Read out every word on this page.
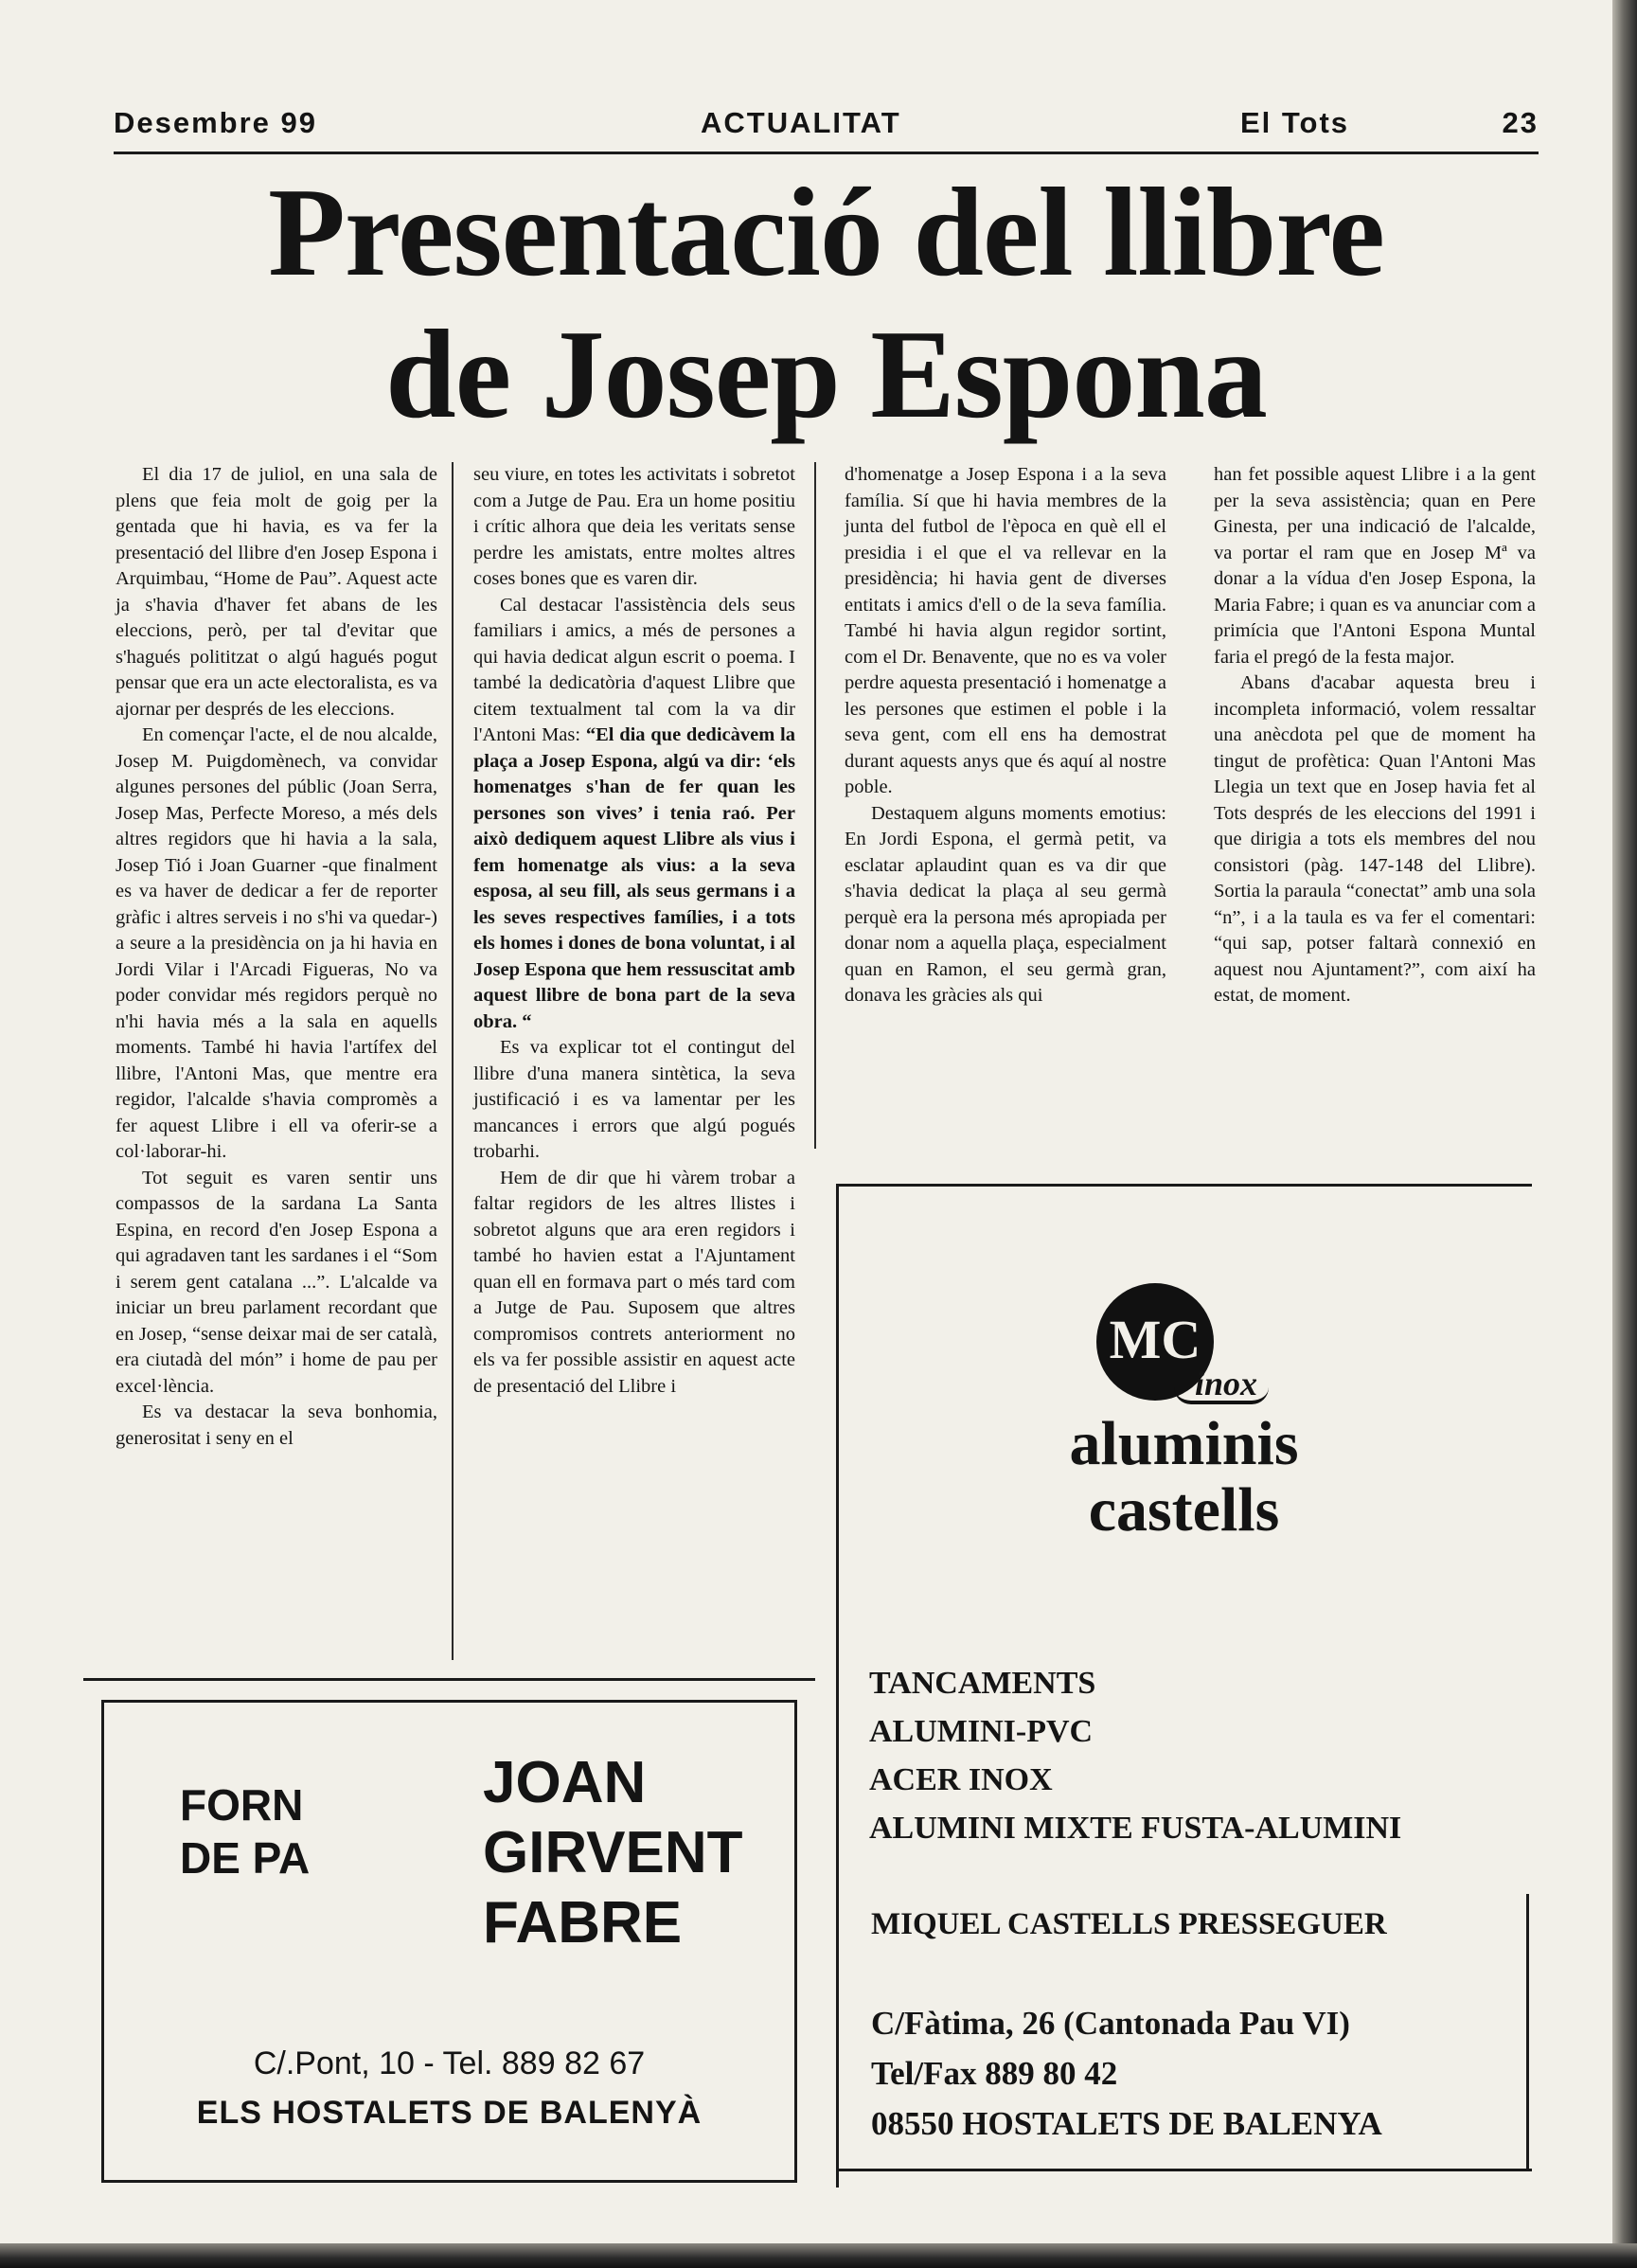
Desembre 99	ACTUALITAT	El Tots	23
Presentació del llibre
de Josep Espona

El dia 17 de juliol, en una sala de plens que feia molt de goig per la gentada que hi havia, es va fer la presentació del llibre d'en Josep Espona i Arquimbau, “Home de Pau”. Aquest acte ja s'havia d'haver fet abans de les eleccions, però, per tal d'evitar que s'hagués polititzat o algú hagués pogut pensar que era un acte electoralista, es va ajornar per després de les eleccions.

En començar l'acte, el de nou alcalde, Josep M. Puigdomènech, va convidar algunes persones del públic (Joan Serra, Josep Mas, Perfecte Moreso, a més dels altres regidors que hi havia a la sala, Josep Tió i Joan Guarner -que finalment es va haver de dedicar a fer de reporter gràfic i altres serveis i no s'hi va quedar-) a seure a la presidència on ja hi havia en Jordi Vilar i l'Arcadi Figueras, No va poder convidar més regidors perquè no n'hi havia més a la sala en aquells moments. També hi havia l'artífex del llibre, l'Antoni Mas, que mentre era regidor, l'alcalde s'havia compromès a fer aquest Llibre i ell va oferir-se a col·laborar-hi.

Tot seguit es varen sentir uns compassos de la sardana La Santa Espina, en record d'en Josep Espona a qui agradaven tant les sardanes i el “Som i serem gent catalana ...”. L'alcalde va iniciar un breu parlament recordant que en Josep, “sense deixar mai de ser català, era ciutadà del món” i home de pau per excel·lència.

Es va destacar la seva bonhomia, generositat i seny en el

seu viure, en totes les activitats i sobretot com a Jutge de Pau. Era un home positiu i crític alhora que deia les veritats sense perdre les amistats, entre moltes altres coses bones que es varen dir.

Cal destacar l'assistència dels seus familiars i amics, a més de persones a qui havia dedicat algun escrit o poema. I també la dedicatòria d'aquest Llibre que citem textualment tal com la va dir l'Antoni Mas: “El dia que dedicàvem la plaça a Josep Espona, algú va dir: ‘els homenatges s'han de fer quan les persones son vives’ i tenia raó. Per això dediquem aquest Llibre als vius i fem homenatge als vius: a la seva esposa, al seu fill, als seus germans i a les seves respectives famílies, i a tots els homes i dones de bona voluntat, i al Josep Espona que hem ressuscitat amb aquest llibre de bona part de la seva obra. “

Es va explicar tot el contingut del llibre d'una manera sintètica, la seva justificació i es va lamentar per les mancances i errors que algú pogués trobarhi.

Hem de dir que hi vàrem trobar a faltar regidors de les altres llistes i sobretot alguns que ara eren regidors i també ho havien estat a l'Ajuntament quan ell en formava part o més tard com a Jutge de Pau. Suposem que altres compromisos contrets anteriorment no els va fer possible assistir en aquest acte de presentació del Llibre i

d'homenatge a Josep Espona i a la seva família. Sí que hi havia membres de la junta del futbol de l'època en què ell el presidia i el que el va rellevar en la presidència; hi havia gent de diverses entitats i amics d'ell o de la seva família. També hi havia algun regidor sortint, com el Dr. Benavente, que no es va voler perdre aquesta presentació i homenatge a les persones que estimen el poble i la seva gent, com ell ens ha demostrat durant aquests anys que és aquí al nostre poble.

Destaquem alguns moments emotius: En Jordi Espona, el germà petit, va esclatar aplaudint quan es va dir que s'havia dedicat la plaça al seu germà perquè era la persona més apropiada per donar nom a aquella plaça, especialment quan en Ramon, el seu germà gran, donava les gràcies als qui

han fet possible aquest Llibre i a la gent per la seva assistència; quan en Pere Ginesta, per una indicació de l'alcalde, va portar el ram que en Josep Mª va donar a la vídua d'en Josep Espona, la Maria Fabre; i quan es va anunciar com a primícia que l'Antoni Espona Muntal faria el pregó de la festa major.

Abans d'acabar aquesta breu i incompleta informació, volem ressaltar una anècdota pel que de moment ha tingut de profètica: Quan l'Antoni Mas Llegia un text que en Josep havia fet al Tots després de les eleccions del 1991 i que dirigia a tots els membres del nou consistori (pàg. 147-148 del Llibre). Sortia la paraula “conectat” amb una sola “n”, i a la taula es va fer el comentari: “qui sap, potser faltarà connexió en aquest nou Ajuntament?”, com així ha estat, de moment.

FORN
DE PA
JOAN
GIRVENT
FABRE
C/.Pont, 10 - Tel. 889 82 67
ELS HOSTALETS DE BALENYÀ
MC
inox
aluminis
castells
TANCAMENTS
ALUMINI-PVC
ACER INOX
ALUMINI MIXTE FUSTA-ALUMINI
MIQUEL CASTELLS PRESSEGUER
C/Fàtima, 26 (Cantonada Pau VI)
Tel/Fax 889 80 42
08550 HOSTALETS DE BALENYA
